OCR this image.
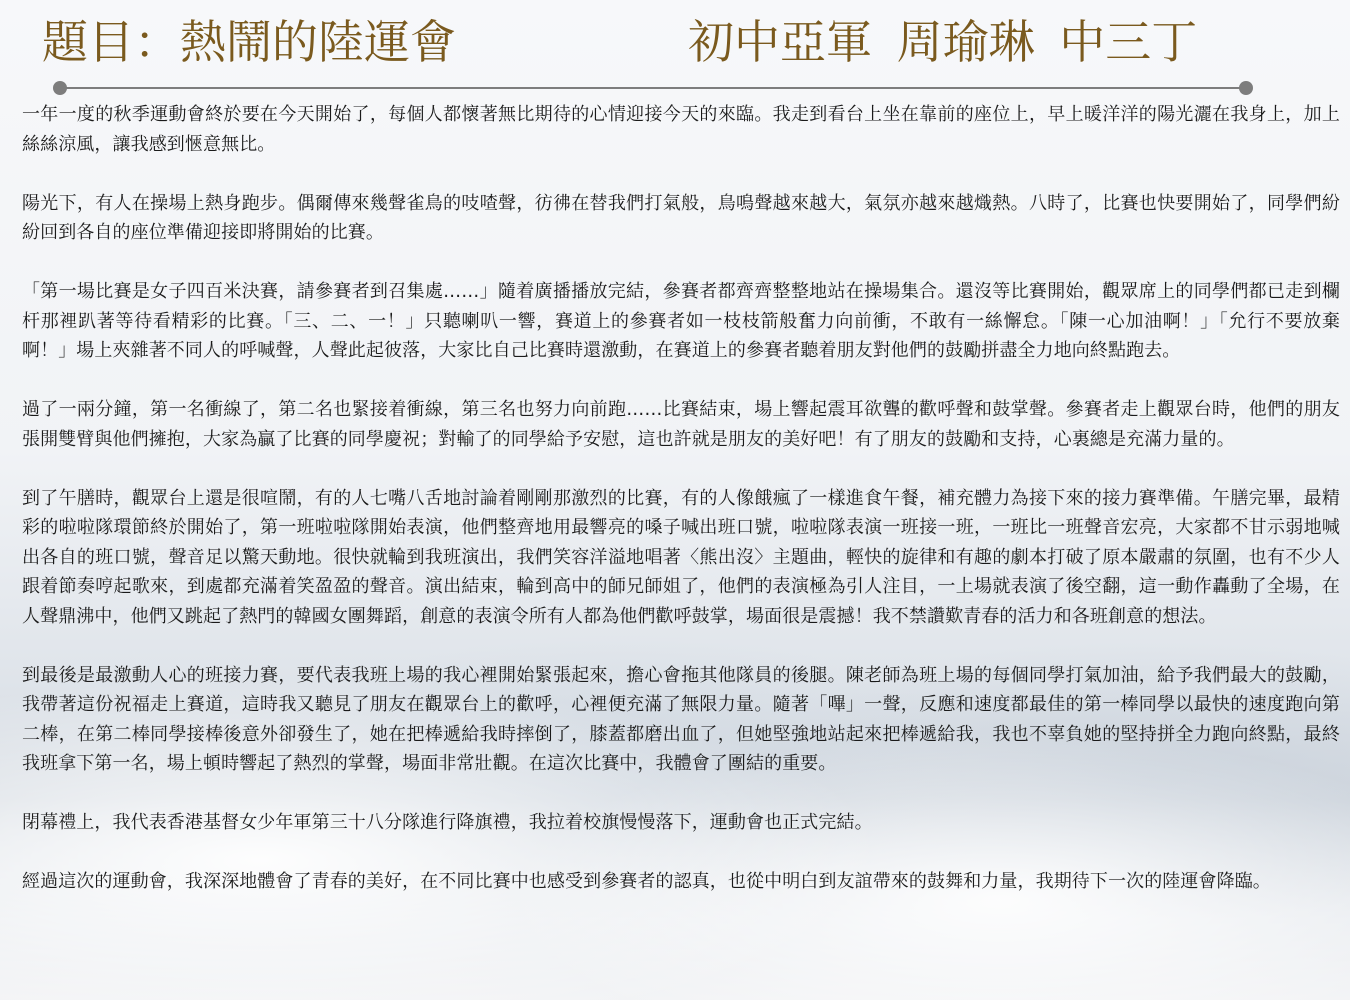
題目：熱鬧的陸運會	初中亞軍 周瑜琳 中三丁

一年一度的秋季運動會終於要在今天開始了，每個人都懷著無比期待的心情迎接今天的來臨。我走到看台上坐在靠前的座位上，早上暖洋洋的陽光灑在我身上，加上絲絲涼風，讓我感到愜意無比。

陽光下，有人在操場上熱身跑步。偶爾傳來幾聲雀鳥的吱喳聲，彷彿在替我們打氣般，鳥鳴聲越來越大，氣氛亦越來越熾熱。八時了，比賽也快要開始了，同學們紛紛回到各自的座位準備迎接即將開始的比賽。

「第一場比賽是女子四百米決賽，請參賽者到召集處……」隨着廣播播放完結，參賽者都齊齊整整地站在操場集合。還沒等比賽開始，觀眾席上的同學們都已走到欄杆那裡趴著等待看精彩的比賽。「三、二、一！」只聽喇叭一響，賽道上的參賽者如一枝枝箭般奮力向前衝，不敢有一絲懈怠。「陳一心加油啊！」「允行不要放棄啊！」場上夾雜著不同人的呼喊聲，人聲此起彼落，大家比自己比賽時還激動，在賽道上的參賽者聽着朋友對他們的鼓勵拼盡全力地向終點跑去。

過了一兩分鐘，第一名衝線了，第二名也緊接着衝線，第三名也努力向前跑……比賽結束，場上響起震耳欲聾的歡呼聲和鼓掌聲。參賽者走上觀眾台時，他們的朋友張開雙臂與他們擁抱，大家為贏了比賽的同學慶祝；對輸了的同學給予安慰，這也許就是朋友的美好吧！有了朋友的鼓勵和支持，心裏總是充滿力量的。

到了午膳時，觀眾台上還是很喧鬧，有的人七嘴八舌地討論着剛剛那激烈的比賽，有的人像餓瘋了一樣進食午餐，補充體力為接下來的接力賽準備。午膳完畢，最精彩的啦啦隊環節終於開始了，第一班啦啦隊開始表演，他們整齊地用最響亮的嗓子喊出班口號，啦啦隊表演一班接一班，一班比一班聲音宏亮，大家都不甘示弱地喊出各自的班口號，聲音足以驚天動地。很快就輪到我班演出，我們笑容洋溢地唱著〈熊出沒〉主題曲，輕快的旋律和有趣的劇本打破了原本嚴肅的氛圍，也有不少人跟着節奏哼起歌來，到處都充滿着笑盈盈的聲音。演出結束，輪到高中的師兄師姐了，他們的表演極為引人注目，一上場就表演了後空翻，這一動作轟動了全場，在人聲鼎沸中，他們又跳起了熱門的韓國女團舞蹈，創意的表演令所有人都為他們歡呼鼓掌，場面很是震撼！我不禁讚歎青春的活力和各班創意的想法。

到最後是最激動人心的班接力賽，要代表我班上場的我心裡開始緊張起來，擔心會拖其他隊員的後腿。陳老師為班上場的每個同學打氣加油，給予我們最大的鼓勵，我帶著這份祝福走上賽道，這時我又聽見了朋友在觀眾台上的歡呼，心裡便充滿了無限力量。隨著「嗶」一聲，反應和速度都最佳的第一棒同學以最快的速度跑向第二棒，在第二棒同學接棒後意外卻發生了，她在把棒遞給我時摔倒了，膝蓋都磨出血了，但她堅強地站起來把棒遞給我，我也不辜負她的堅持拼全力跑向終點，最終我班拿下第一名，場上頓時響起了熱烈的掌聲，場面非常壯觀。在這次比賽中，我體會了團結的重要。

閉幕禮上，我代表香港基督女少年軍第三十八分隊進行降旗禮，我拉着校旗慢慢落下，運動會也正式完結。

經過這次的運動會，我深深地體會了青春的美好，在不同比賽中也感受到參賽者的認真，也從中明白到友誼帶來的鼓舞和力量，我期待下一次的陸運會降臨。
